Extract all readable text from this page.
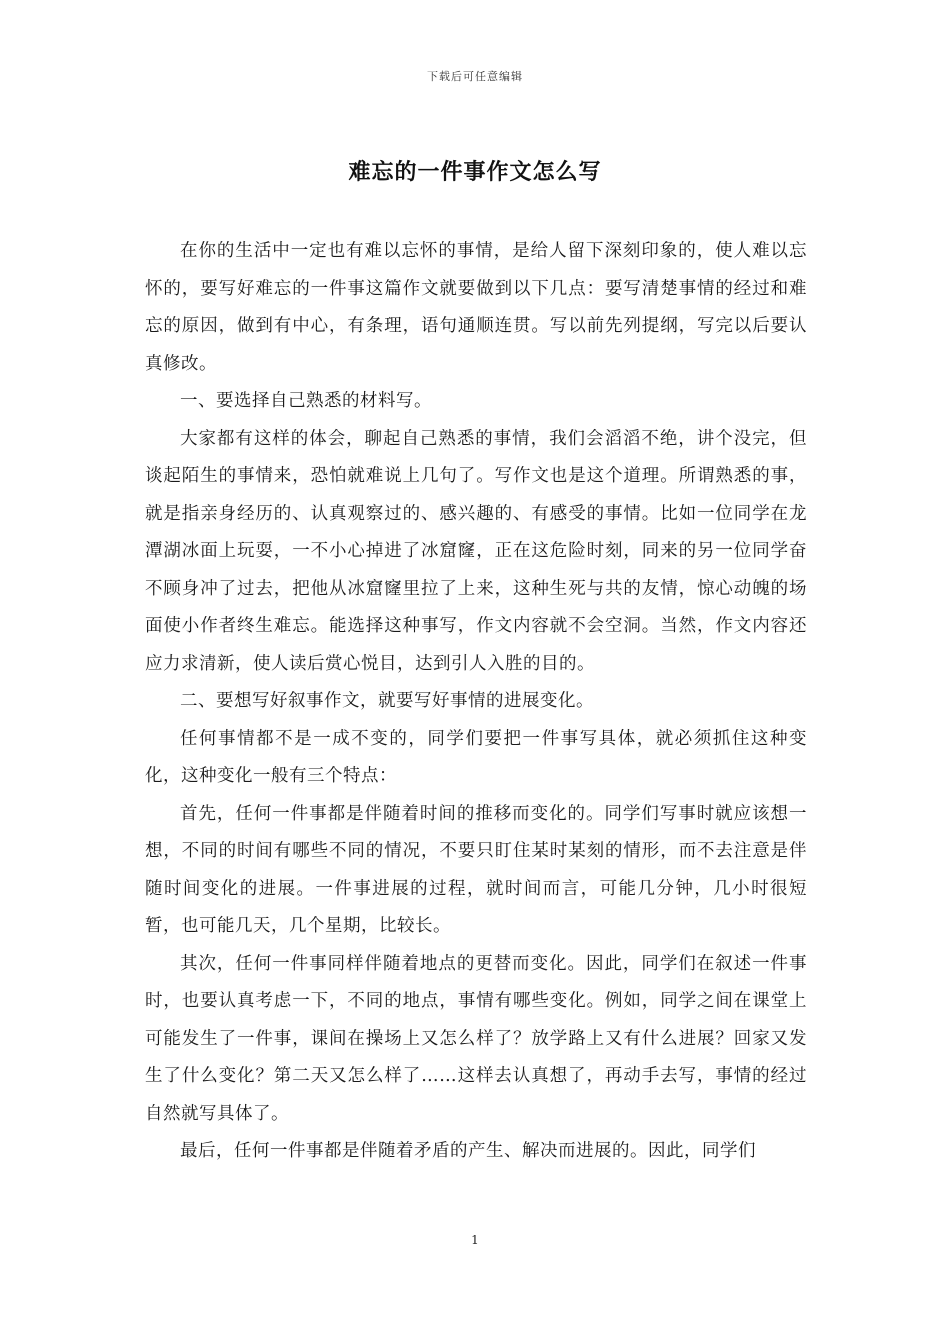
下载后可任意编辑
难忘的一件事作文怎么写

在你的生活中一定也有难以忘怀的事情，是给人留下深刻印象的，使人难以忘怀的，要写好难忘的一件事这篇作文就要做到以下几点：要写清楚事情的经过和难忘的原因，做到有中心，有条理，语句通顺连贯。写以前先列提纲，写完以后要认真修改。

一、要选择自己熟悉的材料写。

大家都有这样的体会，聊起自己熟悉的事情，我们会滔滔不绝，讲个没完，但谈起陌生的事情来，恐怕就难说上几句了。写作文也是这个道理。所谓熟悉的事，就是指亲身经历的、认真观察过的、感兴趣的、有感受的事情。比如一位同学在龙潭湖冰面上玩耍，一不小心掉进了冰窟窿，正在这危险时刻，同来的另一位同学奋不顾身冲了过去，把他从冰窟窿里拉了上来，这种生死与共的友情，惊心动魄的场面使小作者终生难忘。能选择这种事写，作文内容就不会空洞。当然，作文内容还应力求清新，使人读后赏心悦目，达到引人入胜的目的。

二、要想写好叙事作文，就要写好事情的进展变化。

任何事情都不是一成不变的，同学们要把一件事写具体，就必须抓住这种变化，这种变化一般有三个特点：

首先，任何一件事都是伴随着时间的推移而变化的。同学们写事时就应该想一想，不同的时间有哪些不同的情况，不要只盯住某时某刻的情形，而不去注意是伴随时间变化的进展。一件事进展的过程，就时间而言，可能几分钟，几小时很短暂，也可能几天，几个星期，比较长。

其次，任何一件事同样伴随着地点的更替而变化。因此，同学们在叙述一件事时，也要认真考虑一下，不同的地点，事情有哪些变化。例如，同学之间在课堂上可能发生了一件事，课间在操场上又怎么样了？放学路上又有什么进展？回家又发生了什么变化？第二天又怎么样了……这样去认真想了，再动手去写，事情的经过自然就写具体了。

最后，任何一件事都是伴随着矛盾的产生、解决而进展的。因此，同学们

1
